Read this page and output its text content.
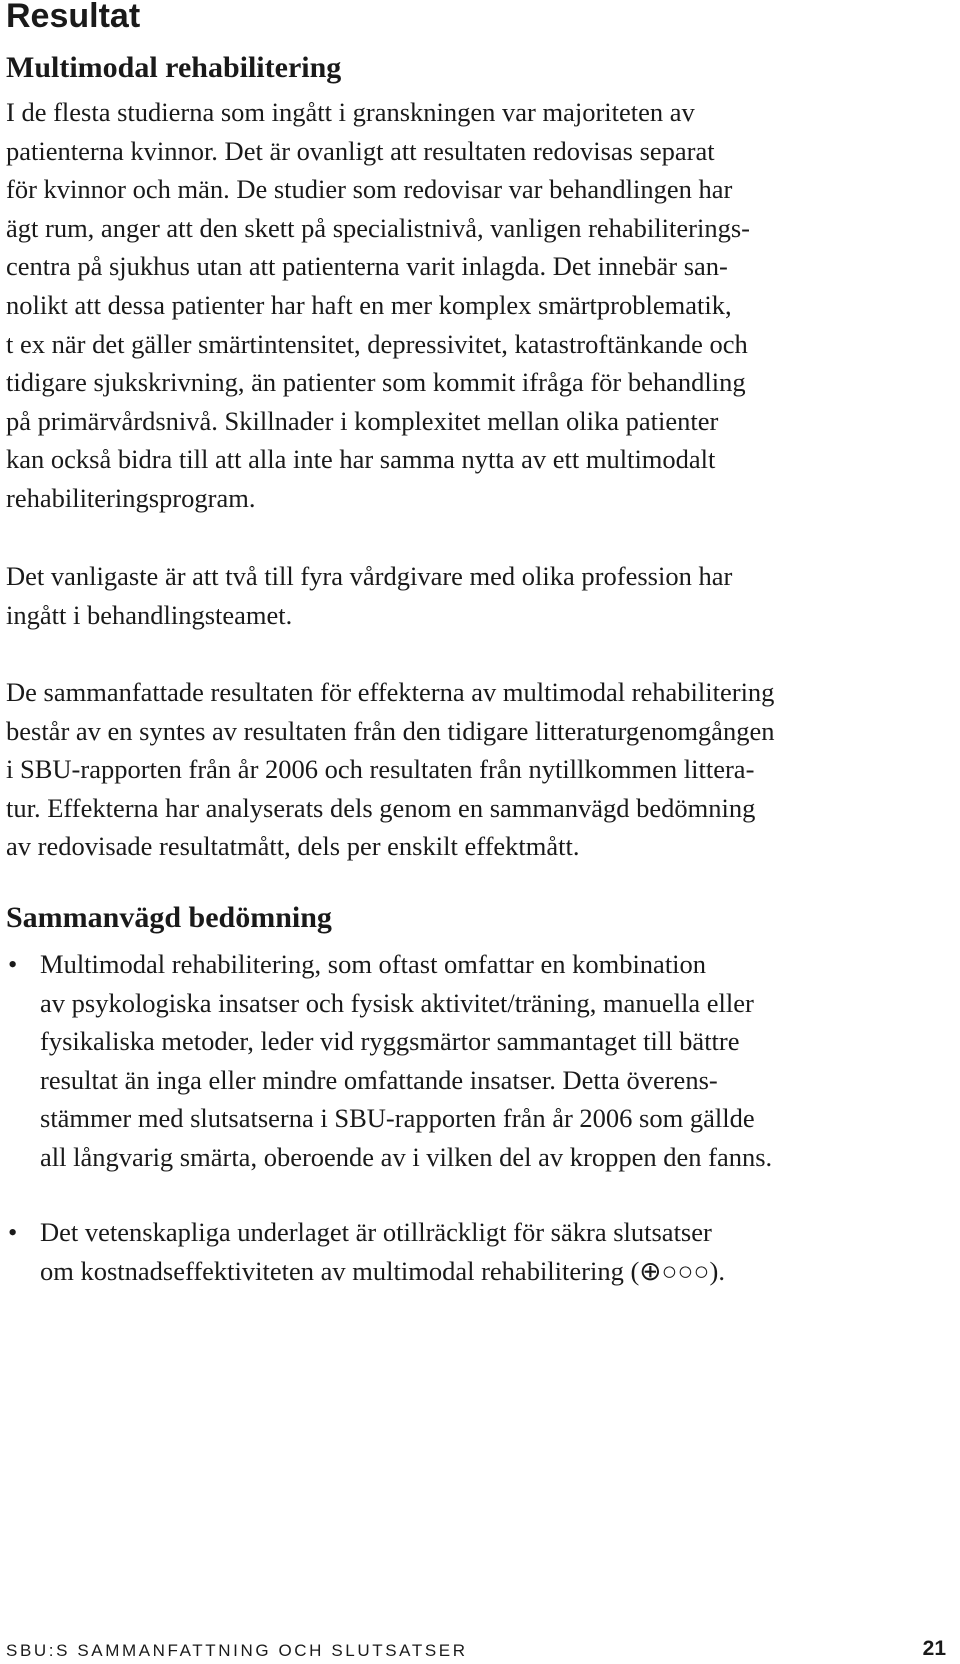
Resultat
Multimodal rehabilitering

I de flesta studierna som ingått i granskningen var majoriteten av
patienterna kvinnor. Det är ovanligt att resultaten redovisas separat
för kvinnor och män. De studier som redovisar var behandlingen har
ägt rum, anger att den skett på specialistnivå, vanligen rehabiliterings-
centra på sjukhus utan att patienterna varit inlagda. Det innebär san-
nolikt att dessa patienter har haft en mer komplex smärtproblematik,
t ex när det gäller smärtintensitet, depressivitet, katastroftänkande och
tidigare sjukskrivning, än patienter som kommit ifråga för behandling
på primärvårdsnivå. Skillnader i komplexitet mellan olika patienter
kan också bidra till att alla inte har samma nytta av ett multimodalt
rehabiliteringsprogram.

Det vanligaste är att två till fyra vårdgivare med olika profession har
ingått i behandlingsteamet.

De sammanfattade resultaten för effekterna av multimodal rehabilitering
består av en syntes av resultaten från den tidigare litteraturgenomgången
i SBU-rapporten från år 2006 och resultaten från nytillkommen littera-
tur. Effekterna har analyserats dels genom en sammanvägd bedömning
av redovisade resultatmått, dels per enskilt effektmått.

Sammanvägd bedömning
• Multimodal rehabilitering, som oftast omfattar en kombination
av psykologiska insatser och fysisk aktivitet/träning, manuella eller
fysikaliska metoder, leder vid ryggsmärtor sammantaget till bättre
resultat än inga eller mindre omfattande insatser. Detta överens-
stämmer med slutsatserna i SBU-rapporten från år 2006 som gällde
all långvarig smärta, oberoende av i vilken del av kroppen den fanns.
• Det vetenskapliga underlaget är otillräckligt för säkra slutsatser
om kostnadseffektiviteten av multimodal rehabilitering (⊕○○○).
SBU:S SAMMANFATTNING OCH SLUTSATSER	21
